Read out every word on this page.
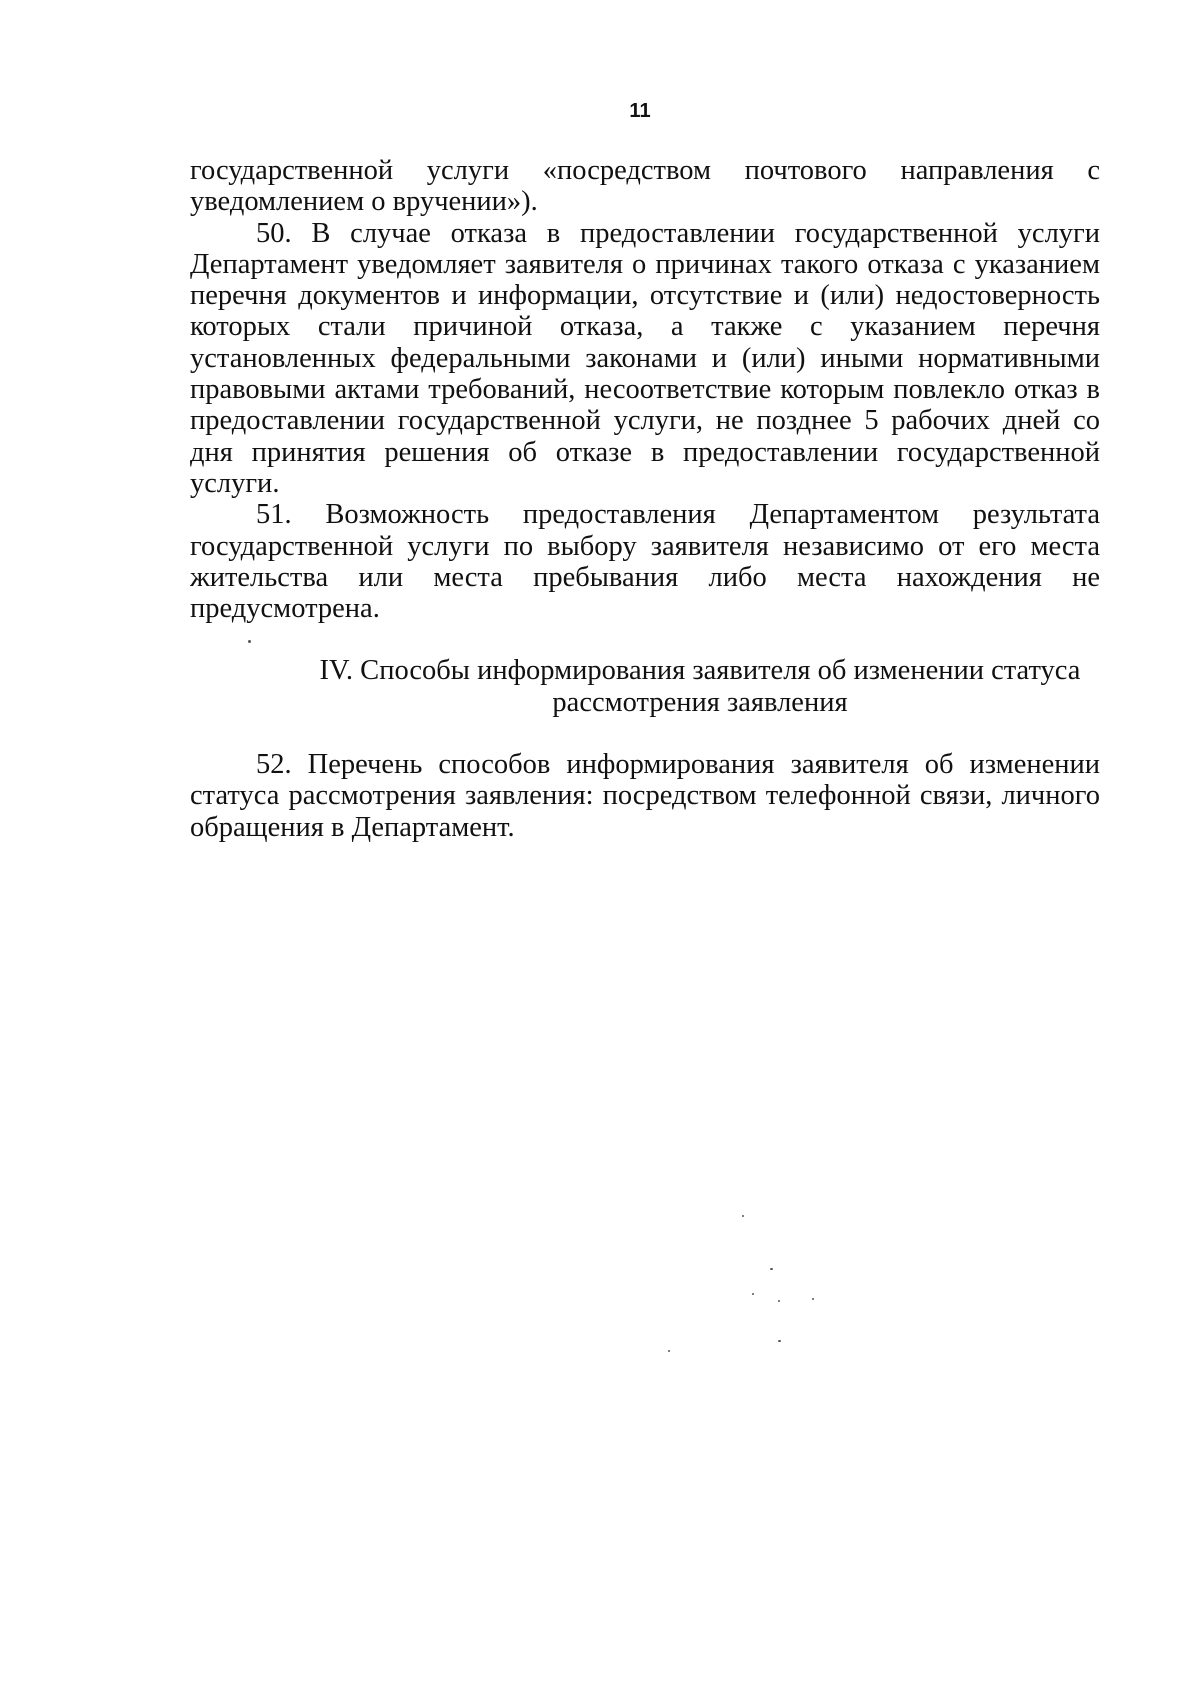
11

государственной услуги «посредством почтового направления с уведомлением о вручении»).

50. В случае отказа в предоставлении государственной услуги Департамент уведомляет заявителя о причинах такого отказа с указанием перечня документов и информации, отсутствие и (или) недостоверность которых стали причиной отказа, а также с указанием перечня установленных федеральными законами и (или) иными нормативными правовыми актами требований, несоответствие которым повлекло отказ в предоставлении государственной услуги, не позднее 5 рабочих дней со дня принятия решения об отказе в предоставлении государственной услуги.

51. Возможность предоставления Департаментом результата государственной услуги по выбору заявителя независимо от его места жительства или места пребывания либо места нахождения не предусмотрена.

IV. Способы информирования заявителя об изменении статуса
рассмотрения заявления

52. Перечень способов информирования заявителя об изменении статуса рассмотрения заявления: посредством телефонной связи, личного обращения в Департамент.
